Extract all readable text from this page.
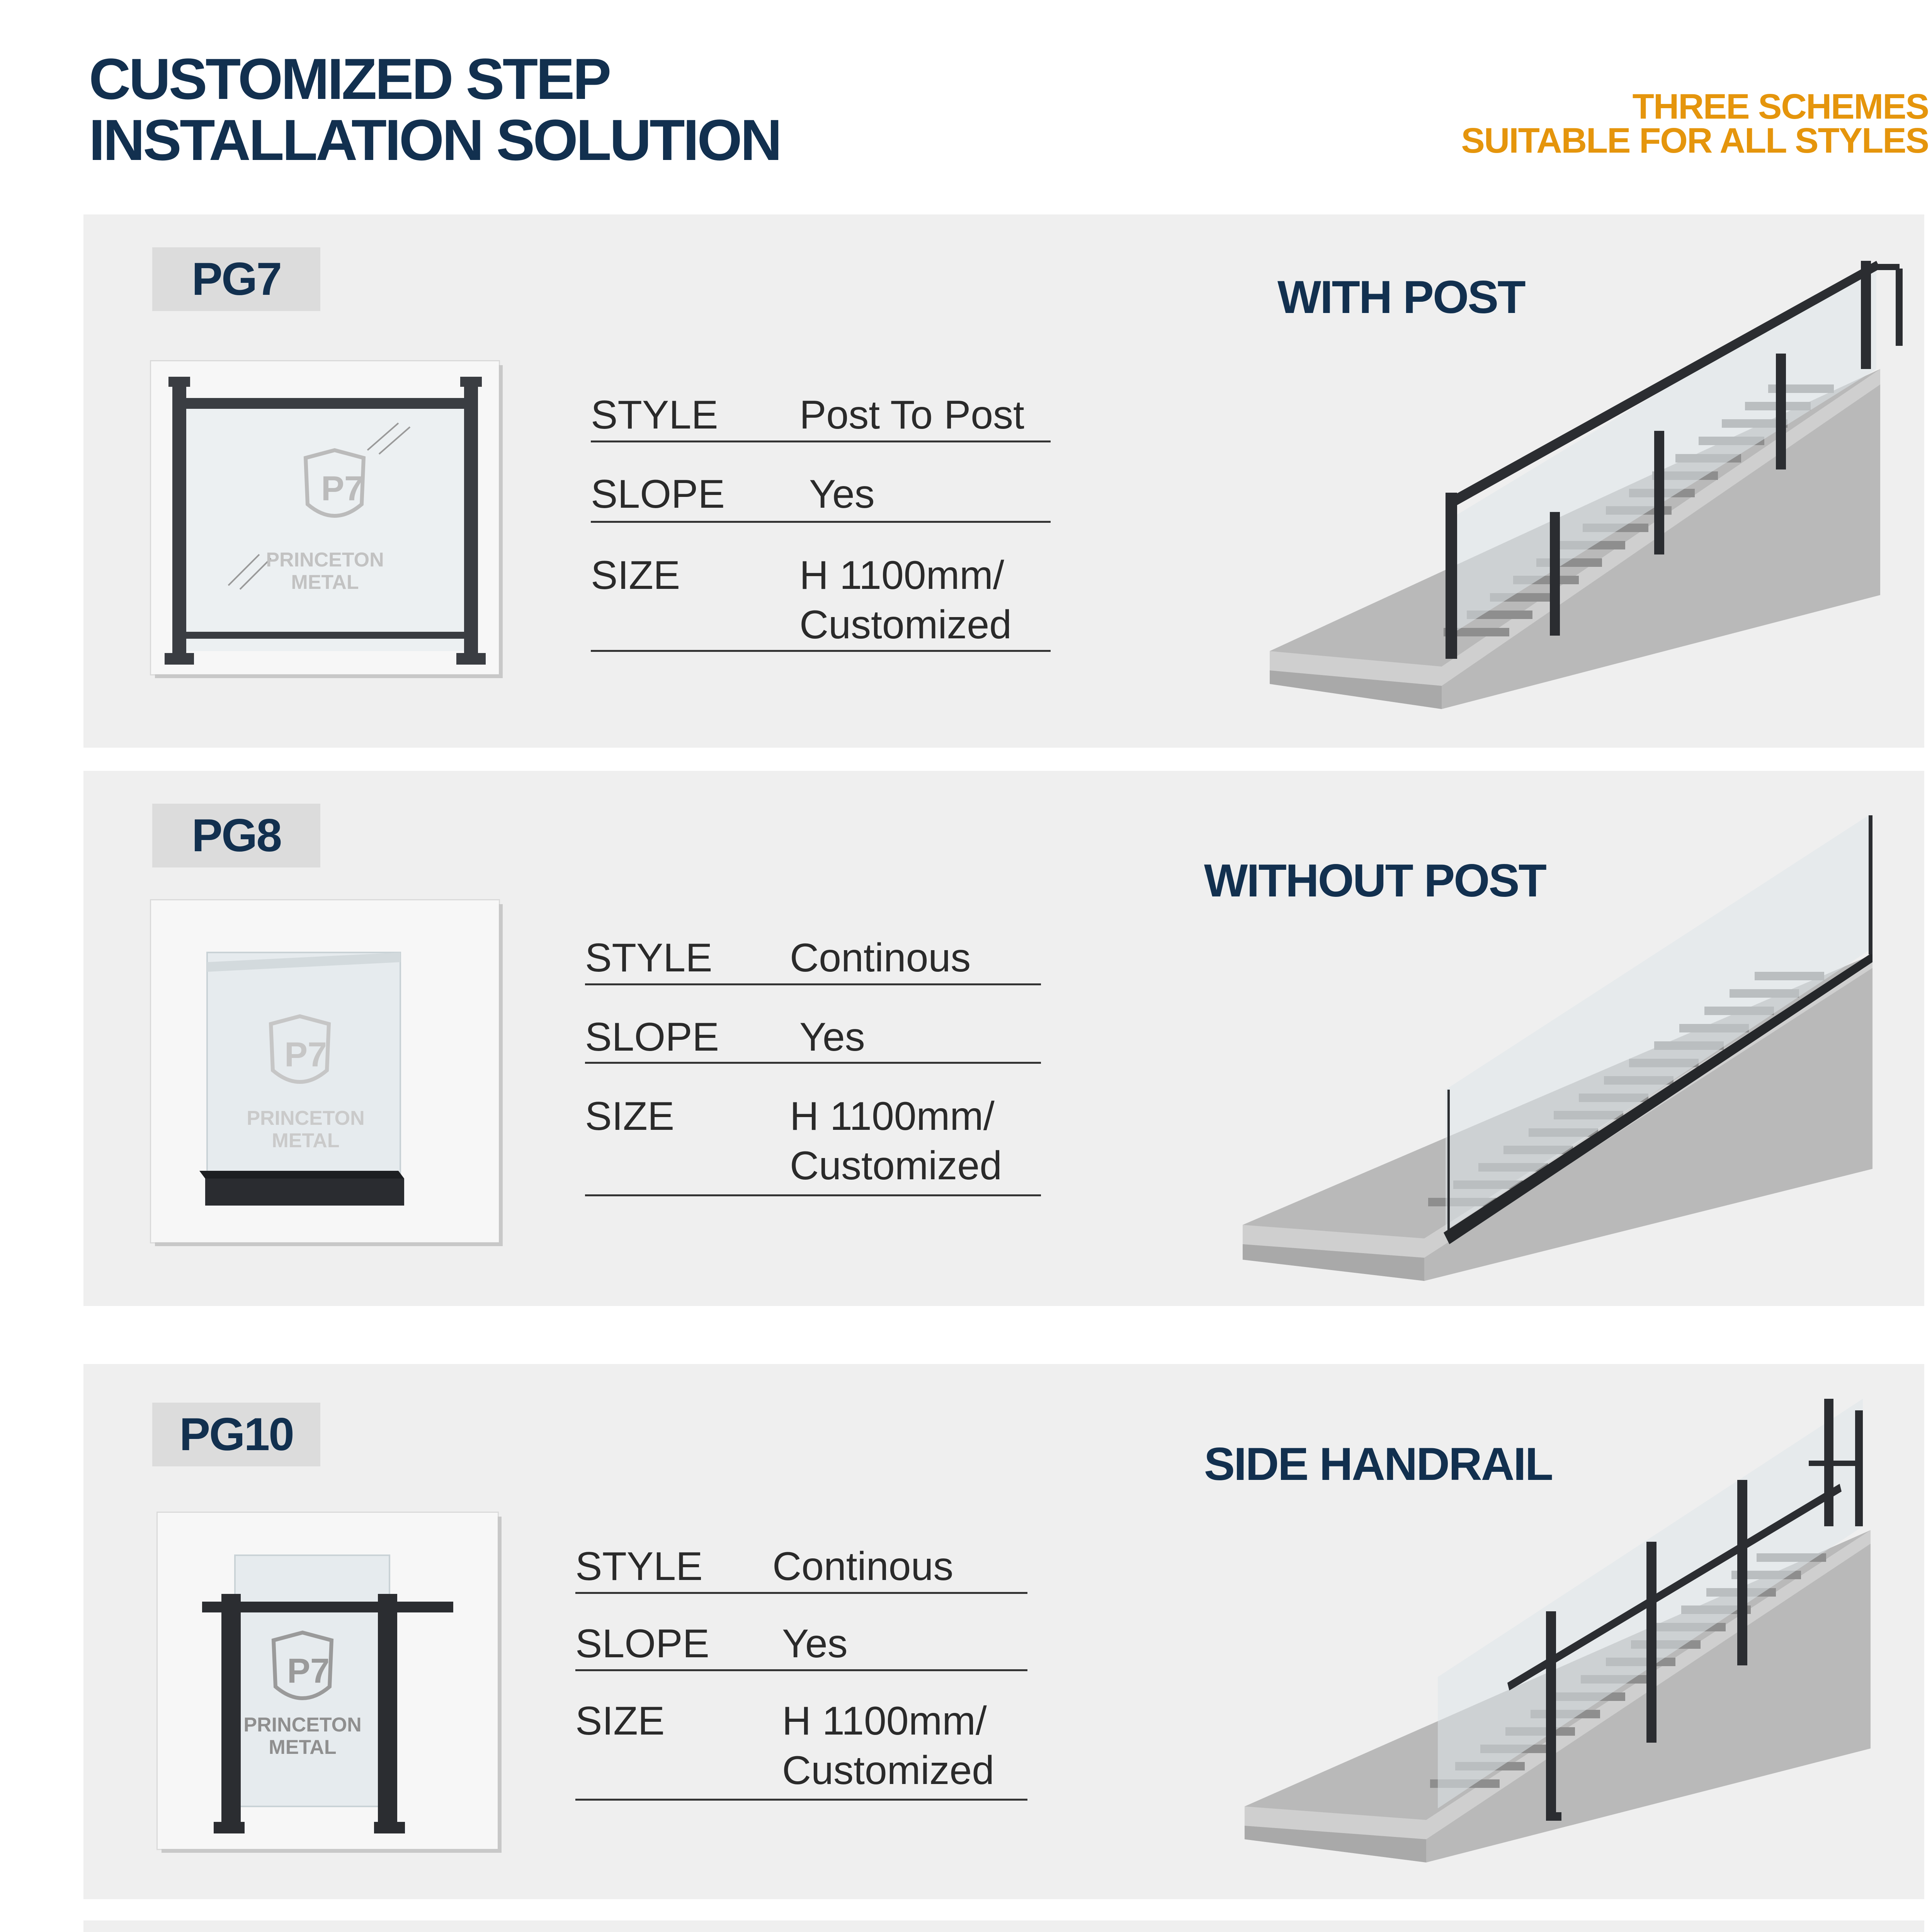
CUSTOMIZED STEP
INSTALLATION SOLUTION
THREE SCHEMES
SUITABLE FOR ALL STYLES
PG7
P7
PRINCETON
METAL
STYLE Post To Post
SLOPE Yes
SIZE	H 1100mm/
Customized
WITH POST
PG8
P7
PRINCETON
METAL
STYLE Continous
SLOPE Yes
SIZE	H 1100mm/
Customized
WITHOUT POST
PG10
P7
PRINCETON
METAL
STYLE Continous
SLOPE Yes
SIZE	H 1100mm/
Customized
SIDE HANDRAIL
